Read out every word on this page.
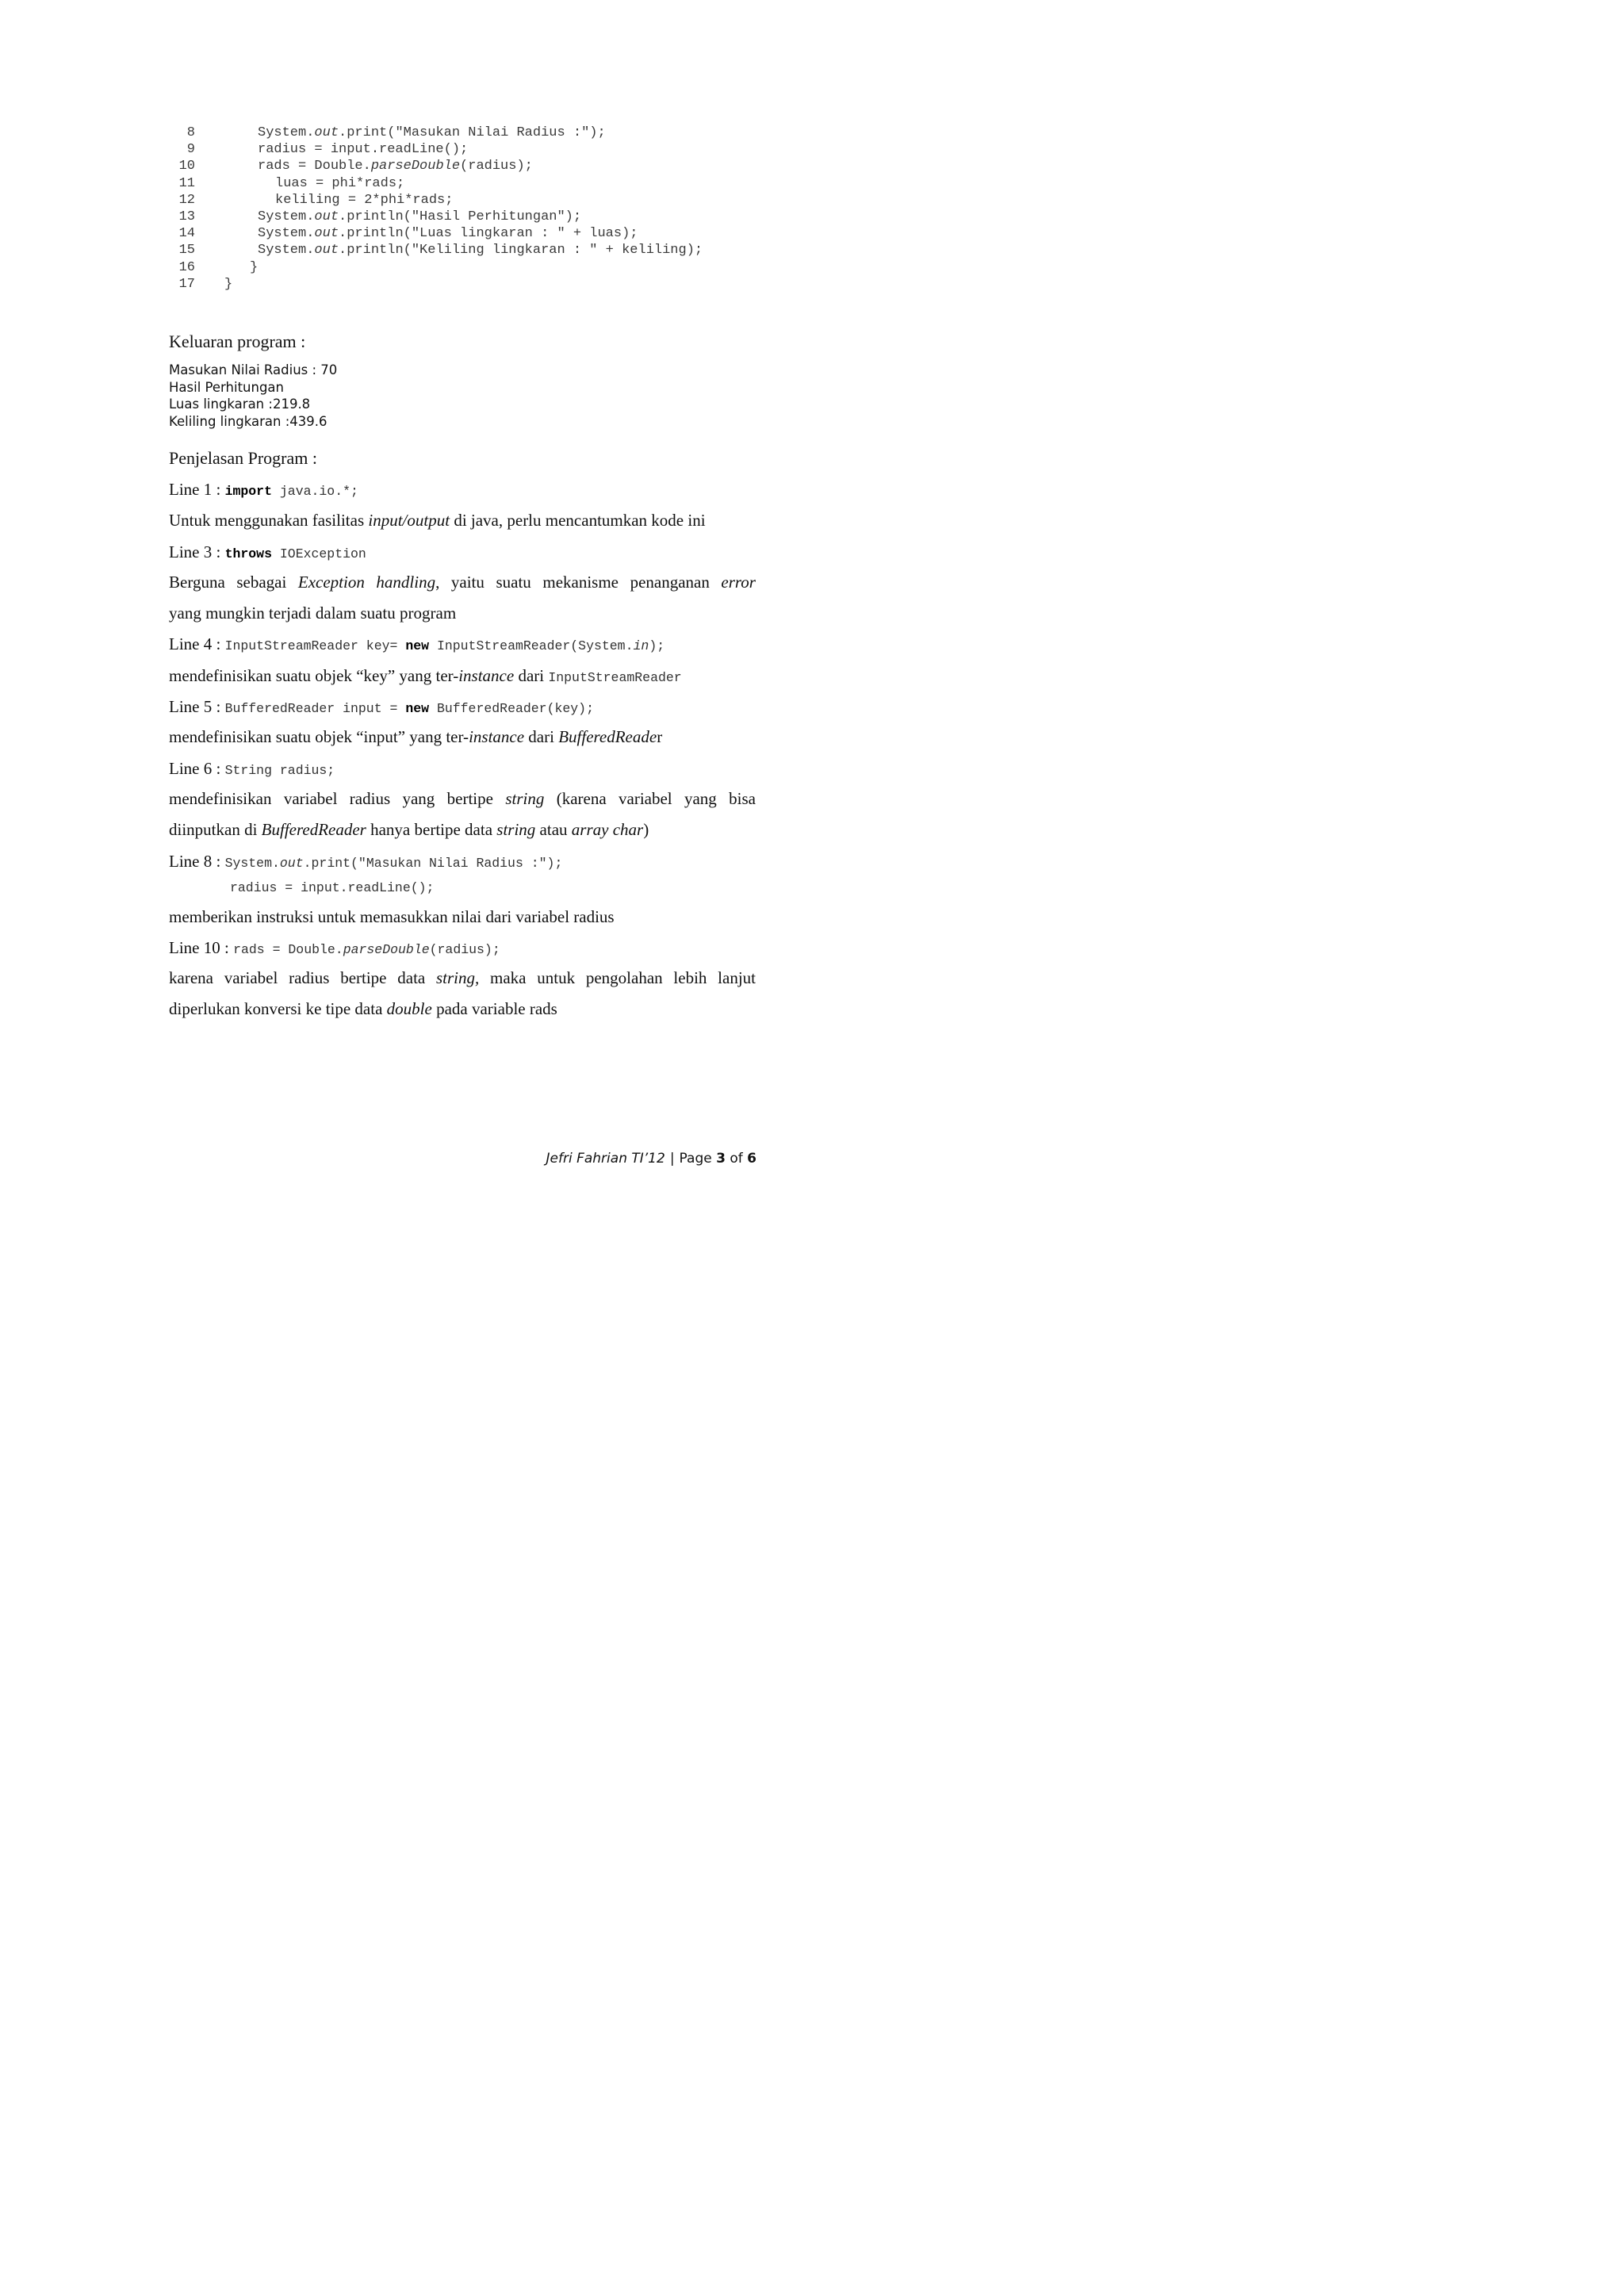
8	System.out.print("Masukan Nilai Radius :");
9	radius = input.readLine();
10	rads = Double.parseDouble(radius);
11	luas = phi*rads;
12	keliling = 2*phi*rads;
13	System.out.println("Hasil Perhitungan");
14	System.out.println("Luas lingkaran : " + luas);
15	System.out.println("Keliling lingkaran : " + keliling);
16	}
17 }
Keluaran program :
Masukan Nilai Radius : 70
Hasil Perhitungan
Luas lingkaran :219.8
Keliling lingkaran :439.6
Penjelasan Program :
Line 1 : import java.io.*;
Untuk menggunakan fasilitas input/output di java, perlu mencantumkan kode ini
Line 3 : throws IOException
Berguna sebagai Exception handling, yaitu suatu mekanisme penanganan error
yang mungkin terjadi dalam suatu program
Line 4 : InputStreamReader key= new InputStreamReader(System.in);
mendefinisikan suatu objek “key” yang ter-instance dari InputStreamReader
Line 5 : BufferedReader input = new BufferedReader(key);
mendefinisikan suatu objek “input” yang ter-instance dari BufferedReader
Line 6 : String radius;
mendefinisikan variabel radius yang bertipe string (karena variabel yang bisa
diinputkan di BufferedReader hanya bertipe data string atau array char)
Line 8 : System.out.print("Masukan Nilai Radius :");
radius = input.readLine();
memberikan instruksi untuk memasukkan nilai dari variabel radius
Line 10 : rads = Double.parseDouble(radius);
karena variabel radius bertipe data string, maka untuk pengolahan lebih lanjut
diperlukan konversi ke tipe data double pada variable rads
Jefri Fahrian TI’12 | Page 3 of 6
